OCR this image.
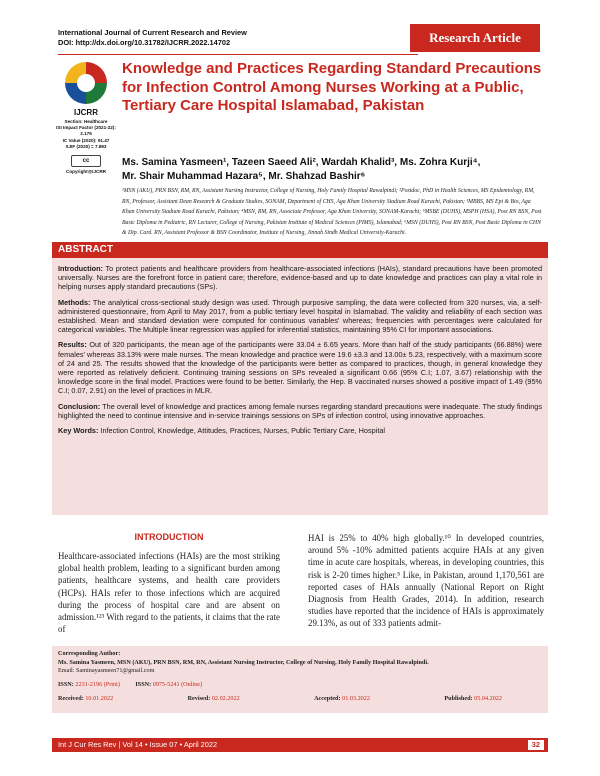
International Journal of Current Research and Review
DOI: http://dx.doi.org/10.31782/IJCRR.2022.14702	Research Article
IJCRR
Section: Healthcare
ISI Impact Factor (2021-22): 2.176
IC Value (2020): 91.47
SJIF (2020) = 7.893
cc
Copyright@IJCRR
Knowledge and Practices Regarding Standard Precautions for Infection Control Among Nurses Working at a Public, Tertiary Care Hospital Islamabad, Pakistan
Ms. Samina Yasmeen¹, Tazeen Saeed Ali², Wardah Khalid³, Ms. Zohra Kurji⁴,
Mr. Shair Muhammad Hazara⁵, Mr. Shahzad Bashir⁶
¹MSN (AKU), PRN BSN, RM, RN, Assistant Nursing Instructor, College of Nursing, Holy Family Hospital Rawalpindi; ²Postdoc, PhD in Health Sciences, MS Epidemiology, RM, RN, Professor, Assistant Dean Research & Graduate Studies, SONAM, Department of CHS, Aga Khan University Stadium Road Karachi, Pakistan; ³MBBS, MS Epi & Bio, Aga Khan University Stadium Road Karachi, Pakistan; ⁴MSN, RM, RN, Associate Professor, Aga Khan University, SONAM-Karachi; ⁵MSBE (DUHS), MSPH (HSA), Post RN BSN, Post Basic Diploma in Pediatric, RN Lecturer, College of Nursing, Pakistan Institute of Medical Sciences (PIMS), Islamabad; ⁶MSN (DUHS), Post RN BSN, Post Basic Diploma in CHN & Dip. Card. RN, Assistant Professor & BSN Coordinator, Institute of Nursing, Jinnah Sindh Medical University-Karachi.
ABSTRACT

Introduction: To protect patients and healthcare providers from healthcare-associated infections (HAIs), standard precautions have been promoted universally. Nurses are the forefront force in patient care; therefore, evidence-based and up to date knowledge and practices can play a vital role in helping nurses apply standard precautions (SPs).

Methods: The analytical cross-sectional study design was used. Through purposive sampling, the data were collected from 320 nurses, via, a self-administered questionnaire, from April to May 2017, from a public tertiary level hospital in Islamabad. The validity and reliability of each section was established. Mean and standard deviation were computed for continuous variables' whereas; frequencies with percentages were calculated for categorical variables. The Multiple linear regression was applied for inferential statistics, maintaining 95% CI for important associations.

Results: Out of 320 participants, the mean age of the participants were 33.04 ± 6.65 years. More than half of the study participants (66.88%) were females' whereas 33.13% were male nurses. The mean knowledge and practice were 19.6 ±3.3 and 13.00± 5.23, respectively, with a maximum score of 24 and 25. The results showed that the knowledge of the participants were better as compared to practices, though, in general knowledge they were reported as relatively deficient. Continuing training sessions on SPs revealed a significant 0.66 (95% C.I; 1.07, 3.67) relationship with the knowledge score in the final model. Practices were found to be better. Similarly, the Hep. B vaccinated nurses showed a positive impact of 1.49 (95% C.I; 0.07, 2.91) on the level of practices in MLR.

Conclusion: The overall level of knowledge and practices among female nurses regarding standard precautions were inadequate. The study findings highlighted the need to continue intensive and in-service trainings sessions on SPs of infection control, using innovative approaches.

Key Words: Infection Control, Knowledge, Attitudes, Practices, Nurses, Public Tertiary Care, Hospital

INTRODUCTION
Healthcare-associated infections (HAIs) are the most striking global health problem, leading to a significant burden among patients, healthcare systems, and health care providers (HCPs). HAIs refer to those infections which are acquired during the process of hospital care and are absent on admission.¹²³ With regard to the patients, it claims that the rate of
HAI is 25% to 40% high globally.¹⁰ In developed countries, around 5% -10% admitted patients acquire HAIs at any given time in acute care hospitals, whereas, in developing countries, this risk is 2-20 times higher.⁵ Like, in Pakistan, around 1,170,561 are reported cases of HAIs annually (National Report on Right Diagnosis from Health Grades, 2014). In addition, research studies have reported that the incidence of HAIs is approximately 29.13%, as out of 333 patients admit-
Corresponding Author:
Ms. Samina Yasmeen, MSN (AKU), PRN BSN, RM, RN, Assistant Nursing Instructor, College of Nursing, Holy Family Hospital Rawalpindi.
Email: Saminayasmeen71@gmail.com
ISSN: 2231-2196 (Print) ISSN: 0975-5241 (Online)
Received: 10.01.2022	Revised: 02.02.2022	Accepted: 01.03.2022	Published: 05.04.2022
Int J Cur Res Rev | Vol 14 • Issue 07 • April 2022	32
